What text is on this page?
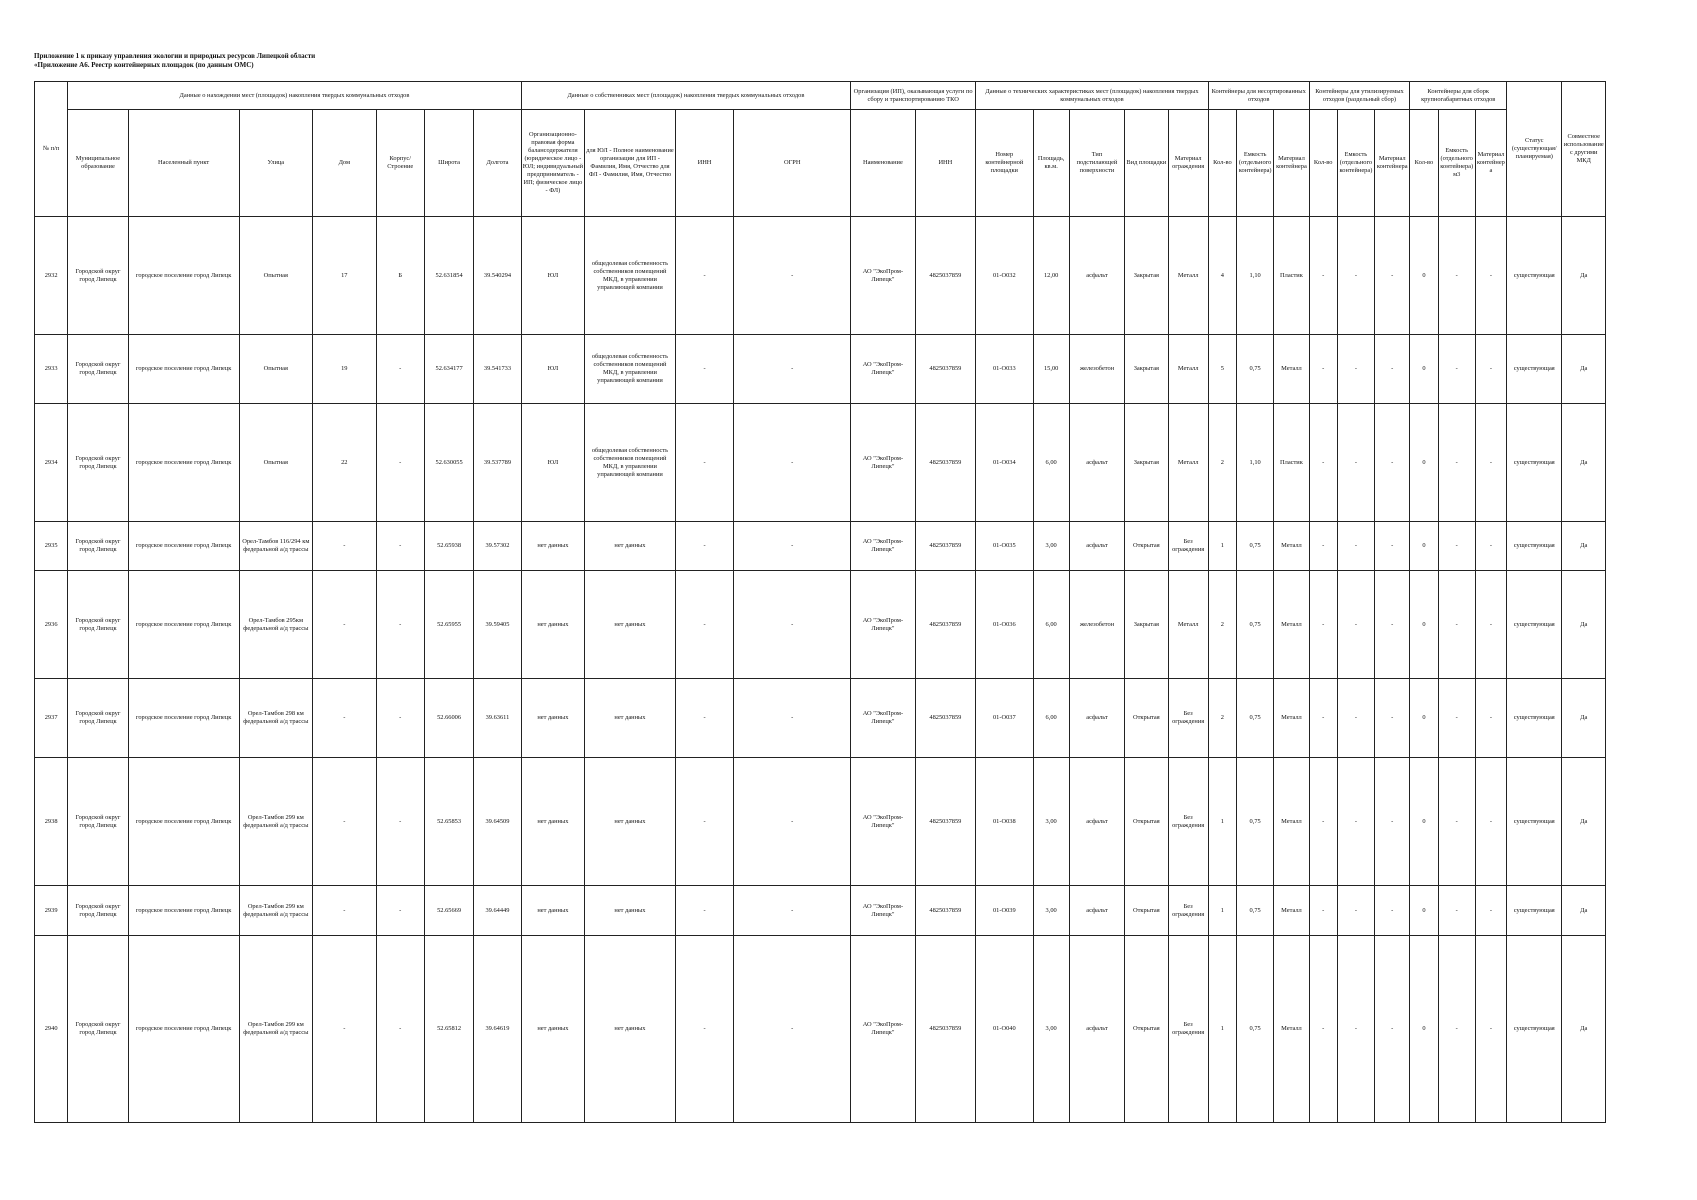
Приложение 1 к приказу управления экологии и природных ресурсов Липецкой области
«Приложение А6. Реестр контейнерных площадок (по данным ОМС)
№ п/п	Данные о нахождении мест (площадок) накопления твердых коммунальных отходов							Данные о собственниках мест (площадок) накопления твердых коммунальных отходов				Организация (ИП), оказывающая услуги по сбору и транспортированию ТКО		Данные о технических характеристиках мест (площадок) накопления твердых коммунальных отходов					Контейнеры для несортированных отходов			Контейнеры для утилизируемых отходов (раздельный сбор)			Контейнеры для сборк крупногабаритных отходов			Статус (существующая/планируемая)	Совместное использование с другими МКД
	Муниципальное образование	Населенный пункт	Улица	Дом	Корпус/Строение	Широта	Долгота	Организационно-правовая форма балансодержателя (юридическое лицо - ЮЛ; индивидуальный предприниматель - ИП; физическое лицо - ФЛ)	для ЮЛ - Полное наименование организации для ИП - Фамилия, Имя, Отчество для ФЛ - Фамилия, Имя, Отчество	ИНН	ОГРН	Наименование	ИНН	Номер контейнерной площадки	Площадь, кв.м.	Тип подстилающей поверхности	Вид площадки	Материал ограждения	Кол-во	Емкость (отдельного контейнера)	Материал контейнера	Кол-во	Емкость (отдельного контейнера)	Материал контейнера	Кол-во	Емкость (отдельного контейнера) м3	Материал контейнера		
2932	Городской округ город Липецк	городское поселение город Липецк	Опытная	17	Б	52.631854	39.540294	ЮЛ	общедолевая собственность собственников помещений МКД, в управлении управляющей компании	-	-	АО "ЭкоПром-Липецк"	4825037859	01-О032	12,00	асфальт	Закрытая	Металл	4	1,10	Пластик	-	-	-	0	-	-	существующая	Да
2933	Городской округ город Липецк	городское поселение город Липецк	Опытная	19	-	52.634177	39.541733	ЮЛ	общедолевая собственность собственников помещений МКД, в управлении управляющей компании	-	-	АО "ЭкоПром-Липецк"	4825037859	01-О033	15,00	железобетон	Закрытая	Металл	5	0,75	Металл	-	-	-	0	-	-	существующая	Да
2934	Городской округ город Липецк	городское поселение город Липецк	Опытная	22	-	52.630055	39.537789	ЮЛ	общедолевая собственность собственников помещений МКД, в управлении управляющей компании	-	-	АО "ЭкоПром-Липецк"	4825037859	01-О034	6,00	асфальт	Закрытая	Металл	2	1,10	Пластик	-	-	-	0	-	-	существующая	Да
2935	Городской округ город Липецк	городское поселение город Липецк	Орел-Тамбов 116/294 км федеральной а/д трассы	-	-	52.65938	39.57302	нет данных	нет данных	-	-	АО "ЭкоПром-Липецк"	4825037859	01-О035	3,00	асфальт	Открытая	Без ограждения	1	0,75	Металл	-	-	-	0	-	-	существующая	Да
2936	Городской округ город Липецк	городское поселение город Липецк	Орел-Тамбов 295км федеральной а/д трассы	-	-	52.65955	39.59405	нет данных	нет данных	-	-	АО "ЭкоПром-Липецк"	4825037859	01-О036	6,00	железобетон	Закрытая	Металл	2	0,75	Металл	-	-	-	0	-	-	существующая	Да
2937	Городской округ город Липецк	городское поселение город Липецк	Орел-Тамбов 298 км федеральной а/д трассы	-	-	52.66006	39.63611	нет данных	нет данных	-	-	АО "ЭкоПром-Липецк"	4825037859	01-О037	6,00	асфальт	Открытая	Без ограждения	2	0,75	Металл	-	-	-	0	-	-	существующая	Да
2938	Городской округ город Липецк	городское поселение город Липецк	Орел-Тамбов 299 км федеральной а/д трассы	-	-	52.65853	39.64509	нет данных	нет данных	-	-	АО "ЭкоПром-Липецк"	4825037859	01-О038	3,00	асфальт	Открытая	Без ограждения	1	0,75	Металл	-	-	-	0	-	-	существующая	Да
2939	Городской округ город Липецк	городское поселение город Липецк	Орел-Тамбов 299 км федеральной а/д трассы	-	-	52.65669	39.64449	нет данных	нет данных	-	-	АО "ЭкоПром-Липецк"	4825037859	01-О039	3,00	асфальт	Открытая	Без ограждения	1	0,75	Металл	-	-	-	0	-	-	существующая	Да
2940	Городской округ город Липецк	городское поселение город Липецк	Орел-Тамбов 299 км федеральной а/д трассы	-	-	52.65812	39.64619	нет данных	нет данных	-	-	АО "ЭкоПром-Липецк"	4825037859	01-О040	3,00	асфальт	Открытая	Без ограждения	1	0,75	Металл	-	-	-	0	-	-	существующая	Да
